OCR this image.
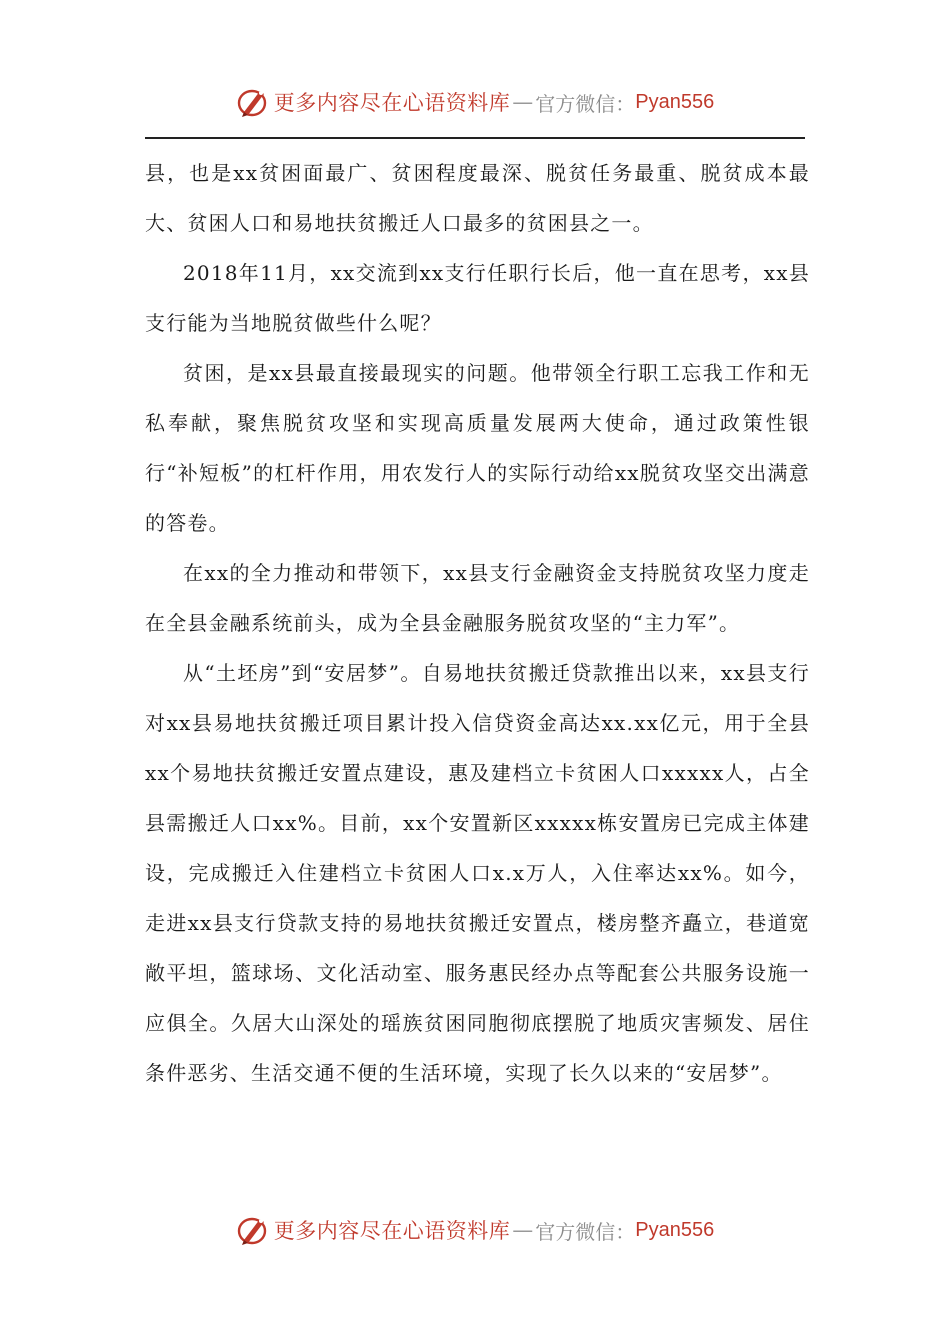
更多内容尽在心语资料库 — 官方微信： Pyan556

县，也是xx贫困面最广、贫困程度最深、脱贫任务最重、脱贫成本最大、贫困人口和易地扶贫搬迁人口最多的贫困县之一。

2018年11月，xx交流到xx支行任职行长后，他一直在思考，xx县支行能为当地脱贫做些什么呢？

贫困，是xx县最直接最现实的问题。他带领全行职工忘我工作和无私奉献，聚焦脱贫攻坚和实现高质量发展两大使命，通过政策性银行“补短板”的杠杆作用，用农发行人的实际行动给xx脱贫攻坚交出满意的答卷。

在xx的全力推动和带领下，xx县支行金融资金支持脱贫攻坚力度走在全县金融系统前头，成为全县金融服务脱贫攻坚的“主力军”。

从“土坯房”到“安居梦”。自易地扶贫搬迁贷款推出以来，xx县支行对xx县易地扶贫搬迁项目累计投入信贷资金高达xx.xx亿元，用于全县xx个易地扶贫搬迁安置点建设，惠及建档立卡贫困人口xxxxx人，占全县需搬迁人口xx%。目前，xx个安置新区xxxxx栋安置房已完成主体建设，完成搬迁入住建档立卡贫困人口x.x万人，入住率达xx%。如今，走进xx县支行贷款支持的易地扶贫搬迁安置点，楼房整齐矗立，巷道宽敞平坦，篮球场、文化活动室、服务惠民经办点等配套公共服务设施一应俱全。久居大山深处的瑶族贫困同胞彻底摆脱了地质灾害频发、居住条件恶劣、生活交通不便的生活环境，实现了长久以来的“安居梦”。

更多内容尽在心语资料库 — 官方微信： Pyan556
